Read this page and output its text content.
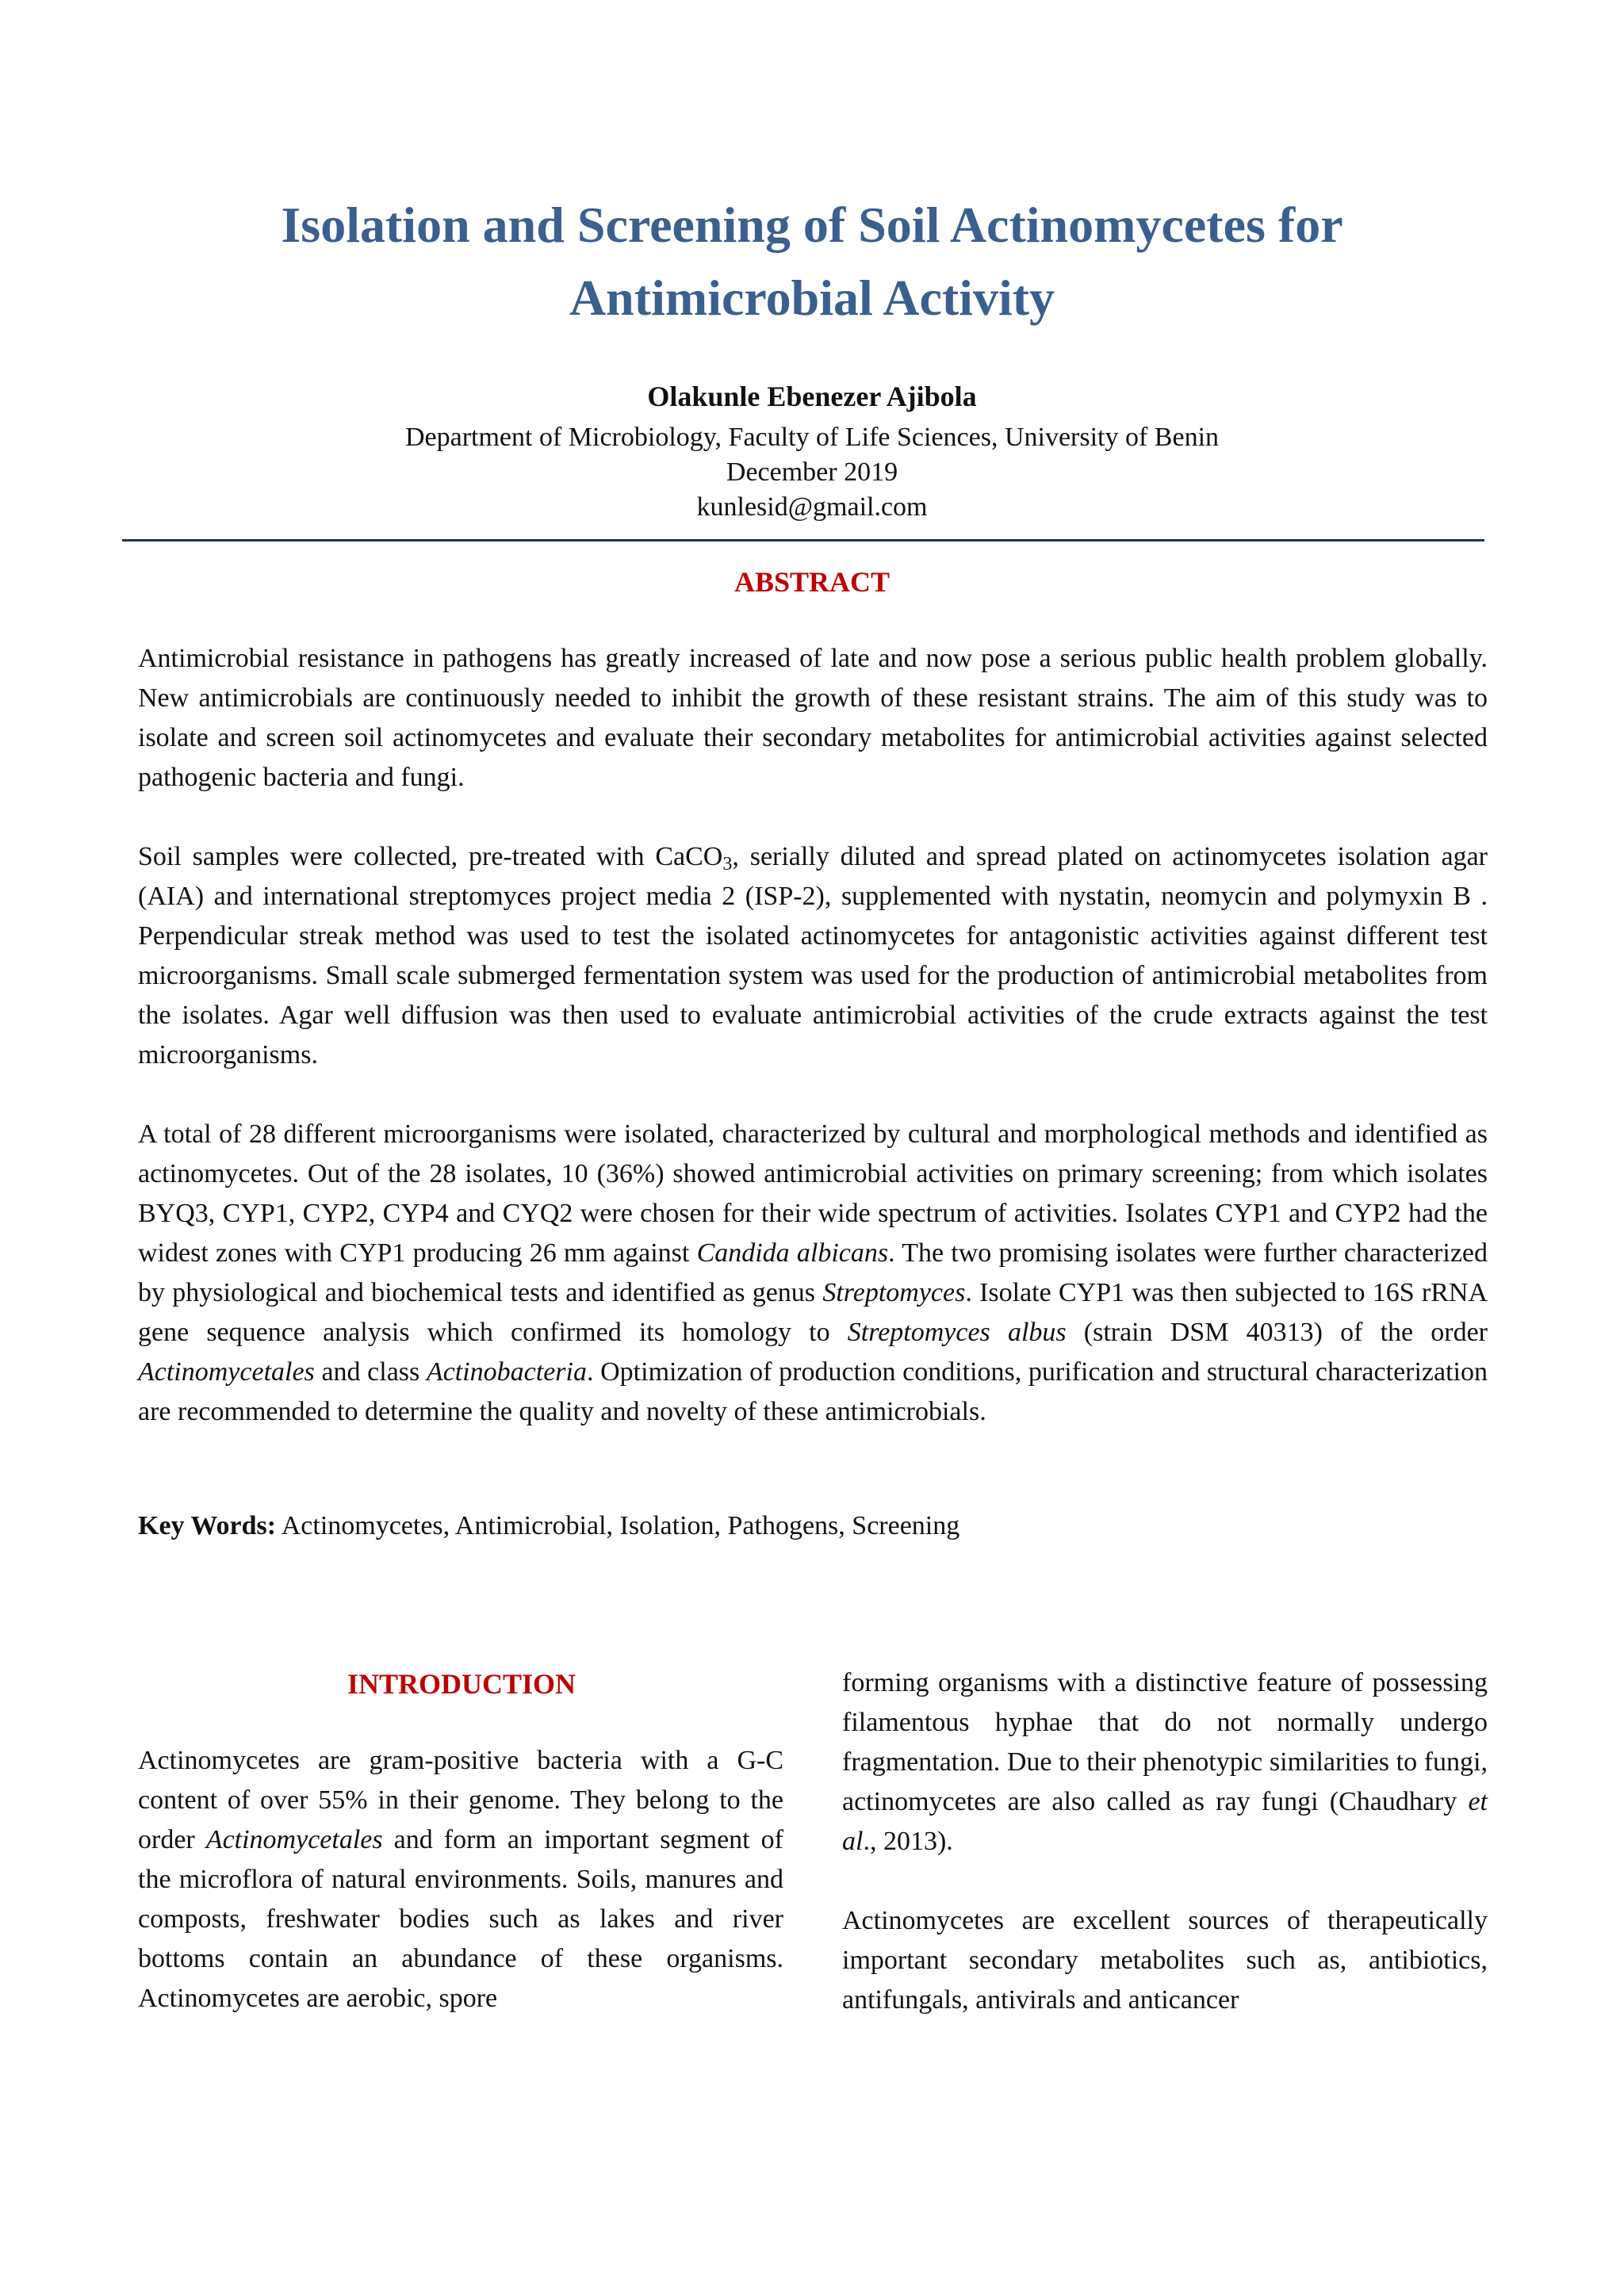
Isolation and Screening of Soil Actinomycetes for Antimicrobial Activity
Olakunle Ebenezer Ajibola
Department of Microbiology, Faculty of Life Sciences, University of Benin
December 2019
kunlesid@gmail.com
ABSTRACT

Antimicrobial resistance in pathogens has greatly increased of late and now pose a serious public health problem globally. New antimicrobials are continuously needed to inhibit the growth of these resistant strains. The aim of this study was to isolate and screen soil actinomycetes and evaluate their secondary metabolites for antimicrobial activities against selected pathogenic bacteria and fungi.

Soil samples were collected, pre-treated with CaCO$_3$, serially diluted and spread plated on actinomycetes isolation agar (AIA) and international streptomyces project media 2 (ISP-2), supplemented with nystatin, neomycin and polymyxin B . Perpendicular streak method was used to test the isolated actinomycetes for antagonistic activities against different test microorganisms. Small scale submerged fermentation system was used for the production of antimicrobial metabolites from the isolates. Agar well diffusion was then used to evaluate antimicrobial activities of the crude extracts against the test microorganisms.

A total of 28 different microorganisms were isolated, characterized by cultural and morphological methods and identified as actinomycetes. Out of the 28 isolates, 10 (36%) showed antimicrobial activities on primary screening; from which isolates BYQ3, CYP1, CYP2, CYP4 and CYQ2 were chosen for their wide spectrum of activities. Isolates CYP1 and CYP2 had the widest zones with CYP1 producing 26 mm against Candida albicans. The two promising isolates were further characterized by physiological and biochemical tests and identified as genus Streptomyces. Isolate CYP1 was then subjected to 16S rRNA gene sequence analysis which confirmed its homology to Streptomyces albus (strain DSM 40313) of the order Actinomycetales and class Actinobacteria. Optimization of production conditions, purification and structural characterization are recommended to determine the quality and novelty of these antimicrobials.

Key Words: Actinomycetes, Antimicrobial, Isolation, Pathogens, Screening
INTRODUCTION

Actinomycetes are gram-positive bacteria with a G-C content of over 55% in their genome. They belong to the order Actinomycetales and form an important segment of the microflora of natural environments. Soils, manures and composts, freshwater bodies such as lakes and river bottoms contain an abundance of these organisms. Actinomycetes are aerobic, spore

forming organisms with a distinctive feature of possessing filamentous hyphae that do not normally undergo fragmentation. Due to their phenotypic similarities to fungi, actinomycetes are also called as ray fungi (Chaudhary et al., 2013).

Actinomycetes are excellent sources of therapeutically important secondary metabolites such as, antibiotics, antifungals, antivirals and anticancer
